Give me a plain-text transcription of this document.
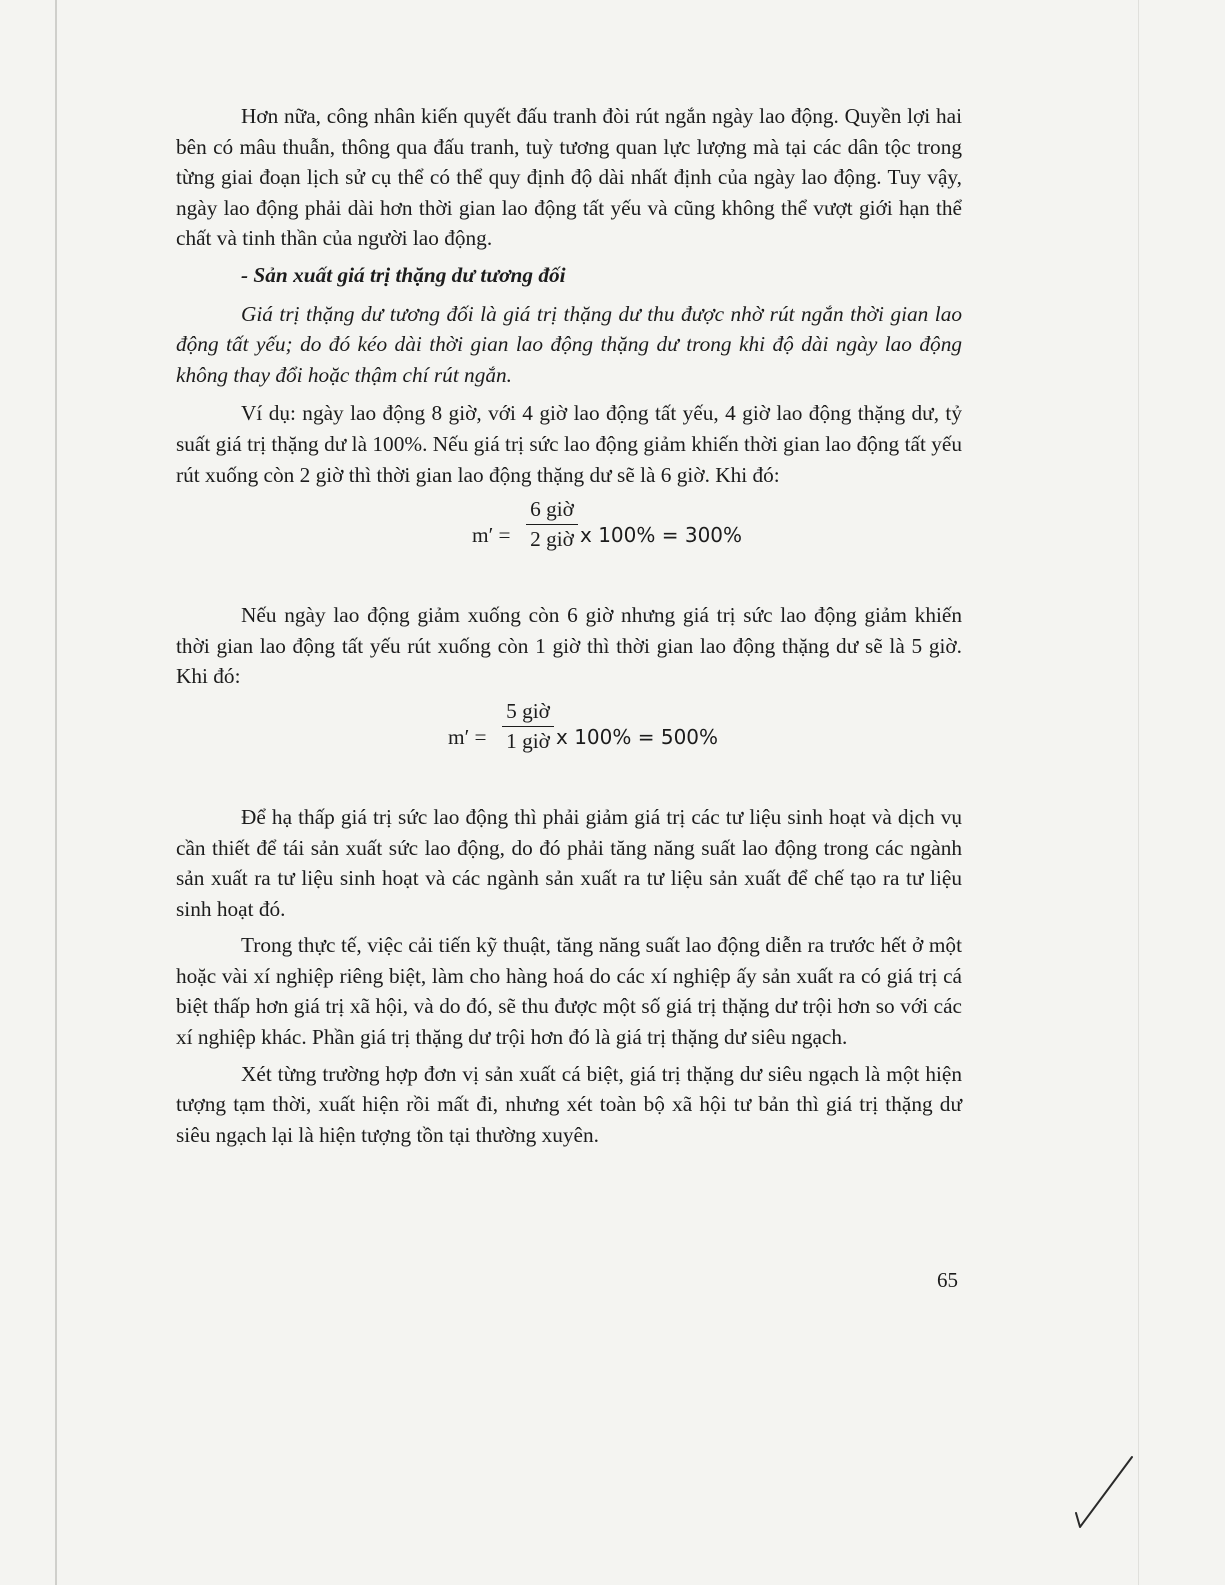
Hơn nữa, công nhân kiến quyết đấu tranh đòi rút ngắn ngày lao động. Quyền lợi hai bên có mâu thuẫn, thông qua đấu tranh, tuỳ tương quan lực lượng mà tại các dân tộc trong từng giai đoạn lịch sử cụ thể có thể quy định độ dài nhất định của ngày lao động. Tuy vậy, ngày lao động phải dài hơn thời gian lao động tất yếu và cũng không thể vượt giới hạn thể chất và tinh thần của người lao động.

- Sản xuất giá trị thặng dư tương đối

Giá trị thặng dư tương đối là giá trị thặng dư thu được nhờ rút ngắn thời gian lao động tất yếu; do đó kéo dài thời gian lao động thặng dư trong khi độ dài ngày lao động không thay đổi hoặc thậm chí rút ngắn.

Ví dụ: ngày lao động 8 giờ, với 4 giờ lao động tất yếu, 4 giờ lao động thặng dư, tỷ suất giá trị thặng dư là 100%. Nếu giá trị sức lao động giảm khiến thời gian lao động tất yếu rút xuống còn 2 giờ thì thời gian lao động thặng dư sẽ là 6 giờ. Khi đó:

m′ =
6 giờ
2 giờ x 100% = 300%

Nếu ngày lao động giảm xuống còn 6 giờ nhưng giá trị sức lao động giảm khiến thời gian lao động tất yếu rút xuống còn 1 giờ thì thời gian lao động thặng dư sẽ là 5 giờ. Khi đó:

m′ =
5 giờ
1 giờ x 100% = 500%

Để hạ thấp giá trị sức lao động thì phải giảm giá trị các tư liệu sinh hoạt và dịch vụ cần thiết để tái sản xuất sức lao động, do đó phải tăng năng suất lao động trong các ngành sản xuất ra tư liệu sinh hoạt và các ngành sản xuất ra tư liệu sản xuất để chế tạo ra tư liệu sinh hoạt đó.

Trong thực tế, việc cải tiến kỹ thuật, tăng năng suất lao động diễn ra trước hết ở một hoặc vài xí nghiệp riêng biệt, làm cho hàng hoá do các xí nghiệp ấy sản xuất ra có giá trị cá biệt thấp hơn giá trị xã hội, và do đó, sẽ thu được một số giá trị thặng dư trội hơn so với các xí nghiệp khác. Phần giá trị thặng dư trội hơn đó là giá trị thặng dư siêu ngạch.

Xét từng trường hợp đơn vị sản xuất cá biệt, giá trị thặng dư siêu ngạch là một hiện tượng tạm thời, xuất hiện rồi mất đi, nhưng xét toàn bộ xã hội tư bản thì giá trị thặng dư siêu ngạch lại là hiện tượng tồn tại thường xuyên.

65
